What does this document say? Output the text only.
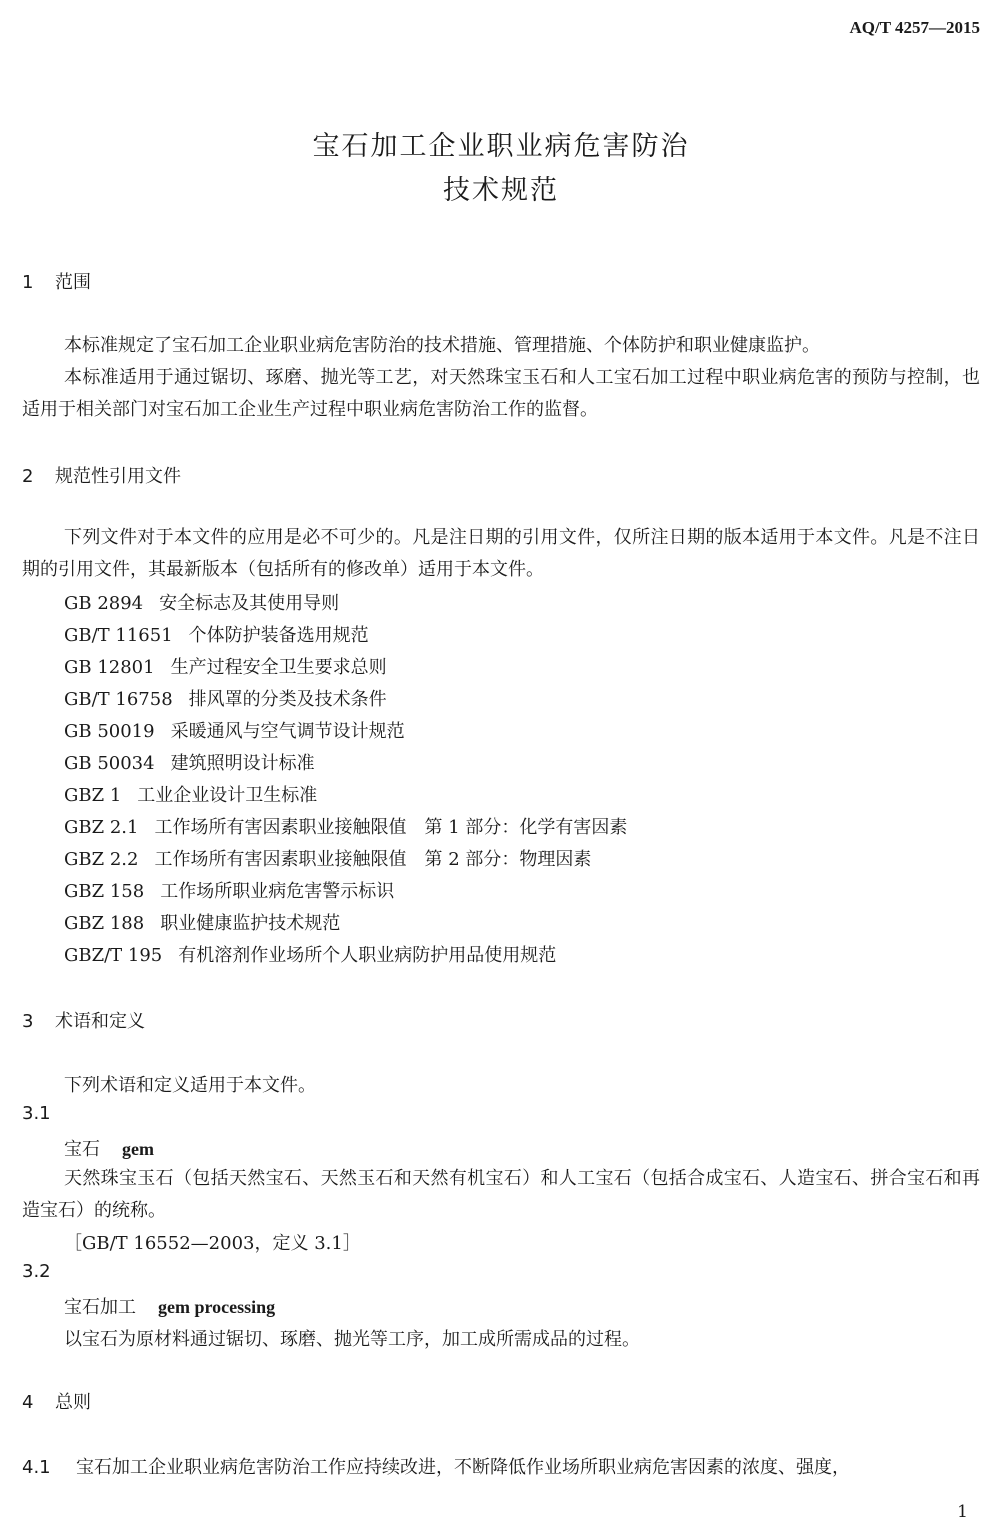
AQ/T 4257—2015
宝石加工企业职业病危害防治
技术规范
1 范围
本标准规定了宝石加工企业职业病危害防治的技术措施、管理措施、个体防护和职业健康监护。
本标准适用于通过锯切、琢磨、抛光等工艺，对天然珠宝玉石和人工宝石加工过程中职业病危害的预防与控制，也适用于相关部门对宝石加工企业生产过程中职业病危害防治工作的监督。
2 规范性引用文件
下列文件对于本文件的应用是必不可少的。凡是注日期的引用文件，仅所注日期的版本适用于本文件。凡是不注日期的引用文件，其最新版本（包括所有的修改单）适用于本文件。
GB 2894 安全标志及其使用导则
GB/T 11651 个体防护装备选用规范
GB 12801 生产过程安全卫生要求总则
GB/T 16758 排风罩的分类及技术条件
GB 50019 采暖通风与空气调节设计规范
GB 50034 建筑照明设计标准
GBZ 1 工业企业设计卫生标准
GBZ 2.1 工作场所有害因素职业接触限值　第 1 部分：化学有害因素
GBZ 2.2 工作场所有害因素职业接触限值　第 2 部分：物理因素
GBZ 158 工作场所职业病危害警示标识
GBZ 188 职业健康监护技术规范
GBZ/T 195 有机溶剂作业场所个人职业病防护用品使用规范
3 术语和定义
下列术语和定义适用于本文件。
3.1
宝石 gem
天然珠宝玉石（包括天然宝石、天然玉石和天然有机宝石）和人工宝石（包括合成宝石、人造宝石、拼合宝石和再造宝石）的统称。
［GB/T 16552—2003，定义 3.1］
3.2
宝石加工 gem processing
以宝石为原材料通过锯切、琢磨、抛光等工序，加工成所需成品的过程。
4 总则
4.1 宝石加工企业职业病危害防治工作应持续改进，不断降低作业场所职业病危害因素的浓度、强度，
1
